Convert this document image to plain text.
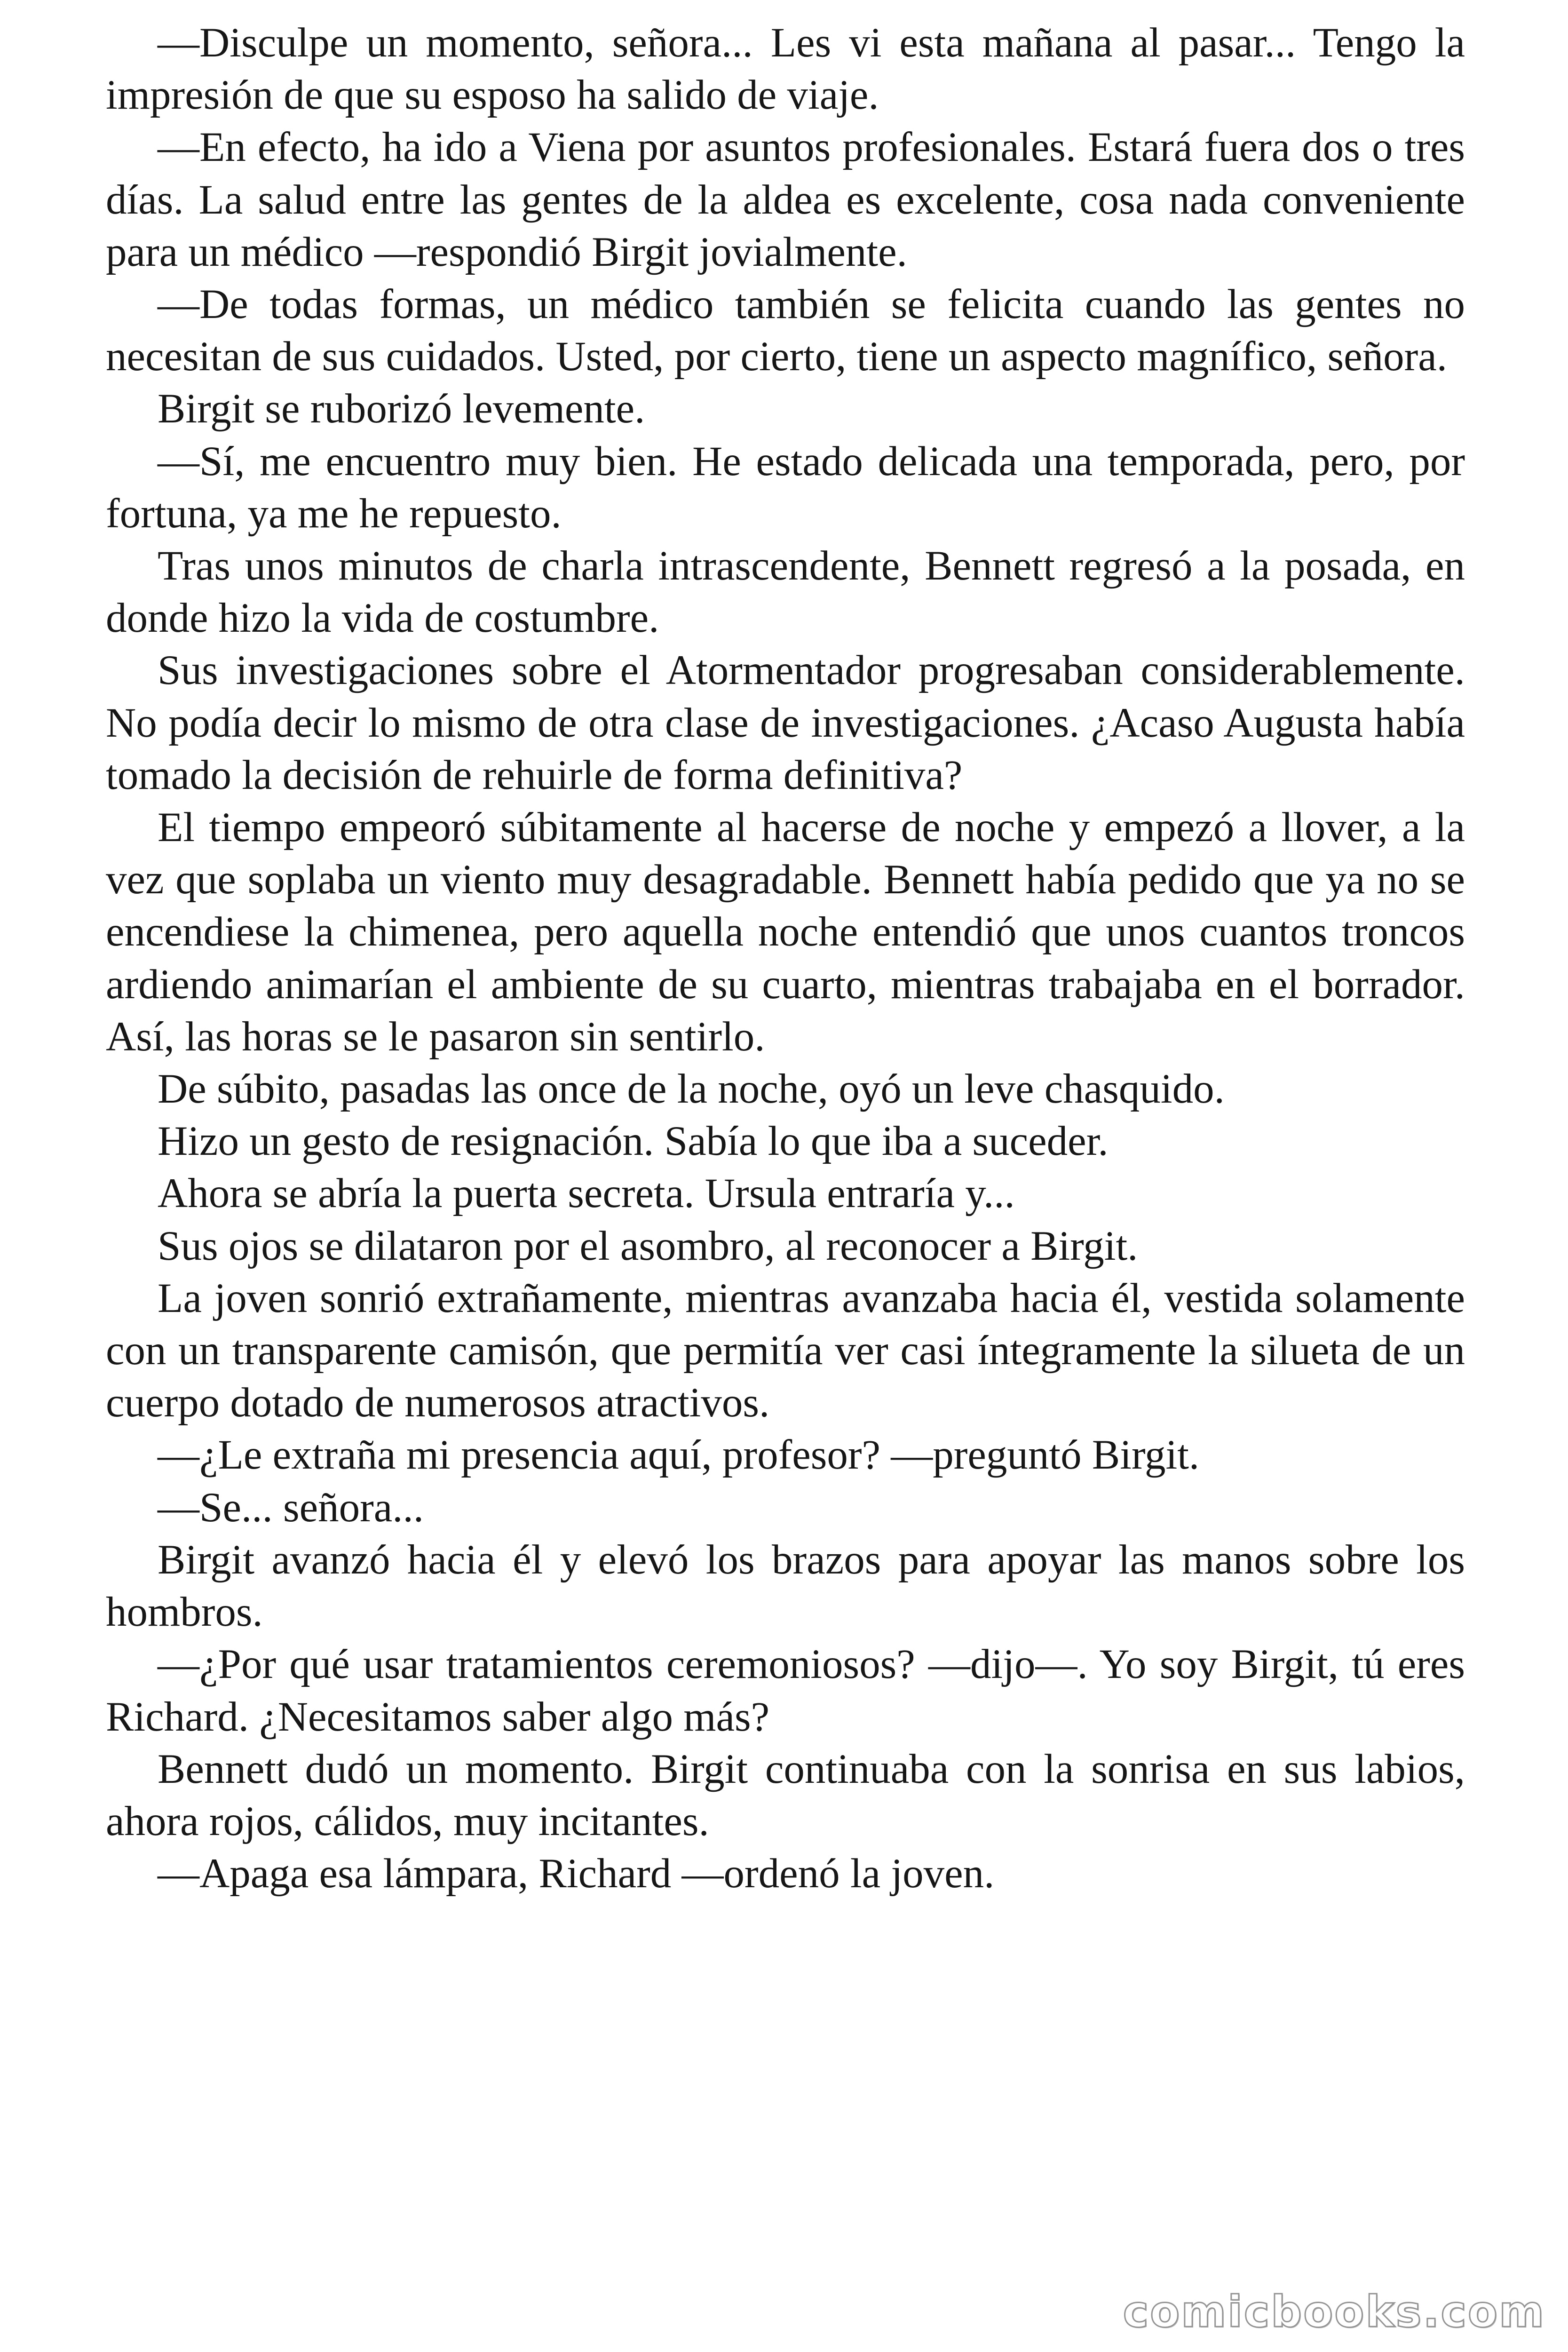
—Disculpe un momento, señora... Les vi esta mañana al pasar... Tengo la impresión de que su esposo ha salido de viaje.

—En efecto, ha ido a Viena por asuntos profesionales. Estará fuera dos o tres días. La salud entre las gentes de la aldea es excelente, cosa nada conveniente para un médico —respondió Birgit jovialmente.

—De todas formas, un médico también se felicita cuando las gentes no necesitan de sus cuidados. Usted, por cierto, tiene un aspecto magnífico, señora.

Birgit se ruborizó levemente.

—Sí, me encuentro muy bien. He estado delicada una temporada, pero, por fortuna, ya me he repuesto.

Tras unos minutos de charla intrascendente, Bennett regresó a la posada, en donde hizo la vida de costumbre.

Sus investigaciones sobre el Atormentador progresaban considerablemente. No podía decir lo mismo de otra clase de investigaciones. ¿Acaso Augusta había tomado la decisión de rehuirle de forma definitiva?

El tiempo empeoró súbitamente al hacerse de noche y empezó a llover, a la vez que soplaba un viento muy desagradable. Bennett había pedido que ya no se encendiese la chimenea, pero aquella noche entendió que unos cuantos troncos ardiendo animarían el ambiente de su cuarto, mientras trabajaba en el borrador. Así, las horas se le pasaron sin sentirlo.

De súbito, pasadas las once de la noche, oyó un leve chasquido.

Hizo un gesto de resignación. Sabía lo que iba a suceder.

Ahora se abría la puerta secreta. Ursula entraría y...

Sus ojos se dilataron por el asombro, al reconocer a Birgit.

La joven sonrió extrañamente, mientras avanzaba hacia él, vestida solamente con un transparente camisón, que permitía ver casi íntegramente la silueta de un cuerpo dotado de numerosos atractivos.

—¿Le extraña mi presencia aquí, profesor? —preguntó Birgit.

—Se... señora...

Birgit avanzó hacia él y elevó los brazos para apoyar las manos sobre los hombros.

—¿Por qué usar tratamientos ceremoniosos? —dijo—. Yo soy Birgit, tú eres Richard. ¿Necesitamos saber algo más?

Bennett dudó un momento. Birgit continuaba con la sonrisa en sus labios, ahora rojos, cálidos, muy incitantes.

—Apaga esa lámpara, Richard —ordenó la joven.

comicbooks.com
